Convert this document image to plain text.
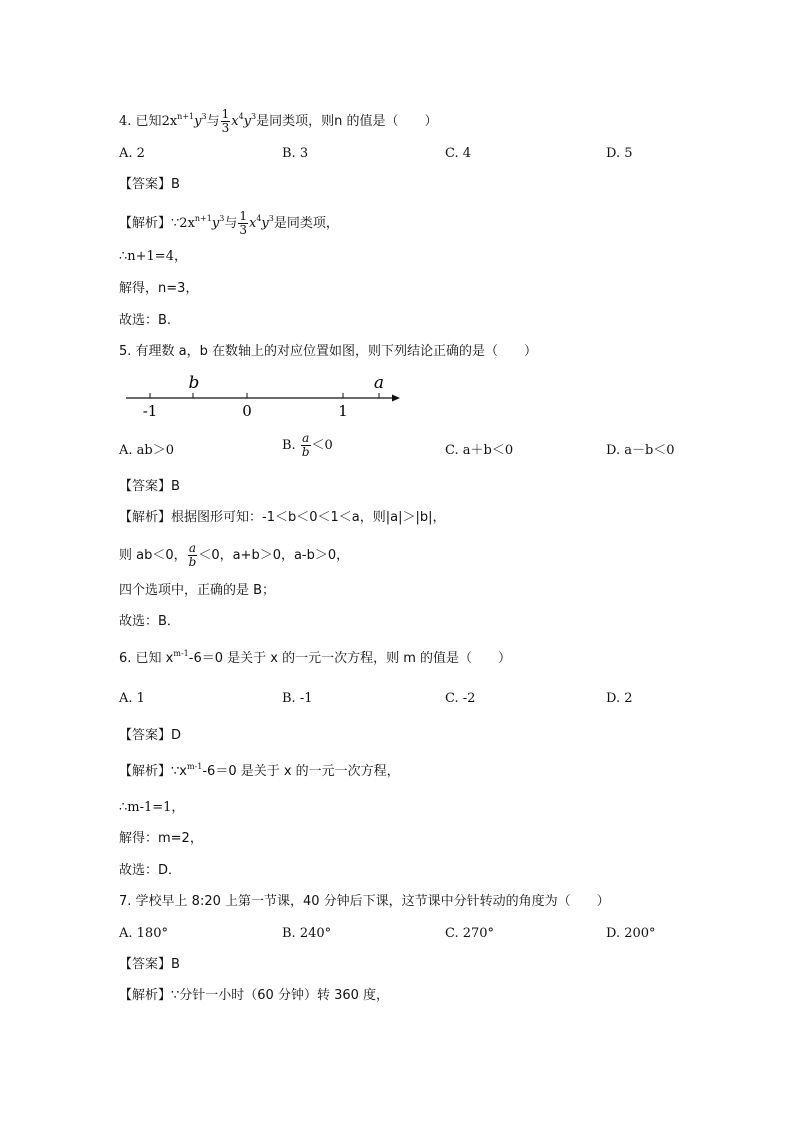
4. 已知$2x^{n+1}y^3$与 $\frac{1}{3} x^4y^3$是同类项，则n 的值是（　　）
A. 2	B. 3	C. 4	D. 5
【答案】B
【解析】$\because 2x^{n+1}y^3$与 $\frac{1}{3} x^4y^3$是同类项，
∴n+1=4，
解得，n=3，
故选：B.
5. 有理数 a，b 在数轴上的对应位置如图，则下列结论正确的是（　　）
b	a
-1	0	1
A. ab＞0	B. $\frac{a}{b} <0$	C. a＋b＜0	D. a－b＜0
【答案】B
【解析】根据图形可知：-1＜b＜0＜1＜a，则|a|＞|b|，
则 ab＜0， $\frac{a}{b} <0$，a+b＞0，a-b＞0，
四个选项中，正确的是 B；
故选：B．
6. 已知 $x^{m-1}-6=0$ 是关于 x 的一元一次方程，则 m 的值是（　　）
A. 1	B. -1	C. -2	D. 2
【答案】D
【解析】$\because x^{m-1}-6=0$ 是关于 x 的一元一次方程，
∴m-1=1，
解得：m=2，
故选：D．
7. 学校早上 8:20 上第一节课，40 分钟后下课，这节课中分针转动的角度为（　　）
A. 180°	B. 240°	C. 270°	D. 200°
【答案】B
【解析】∵分针一小时（60 分钟）转 360 度，
